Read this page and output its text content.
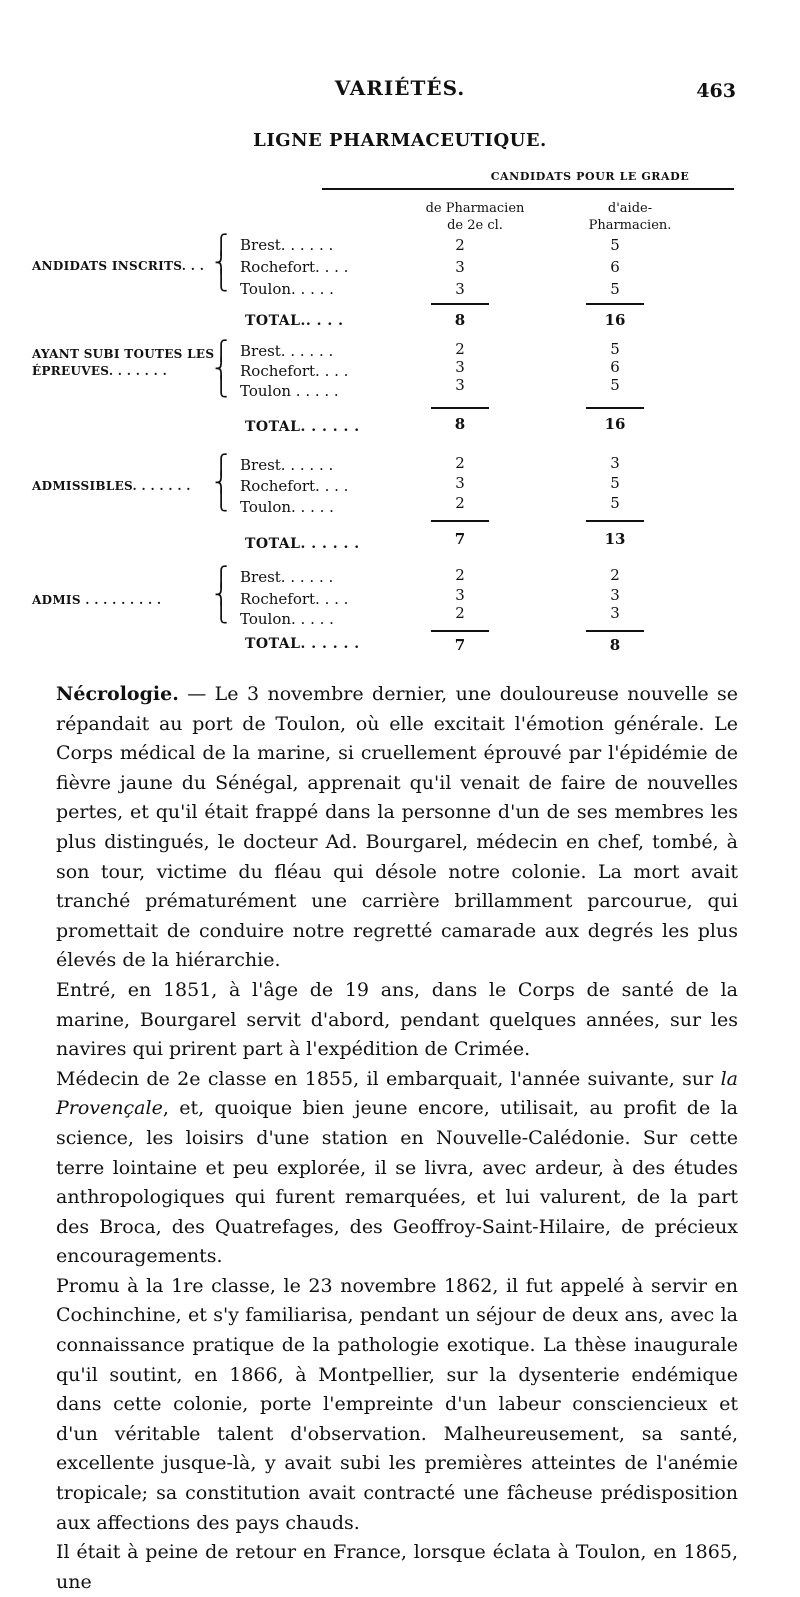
VARIÉTÉS.	463
LIGNE PHARMACEUTIQUE.
CANDIDATS POUR LE GRADE
de Pharmacien
de 2e cl.
d'aide-
Pharmacien.
ANDIDATS INSCRITS. . .
⎧
⎨
⎩
Brest. . . . . .	2	5
Rochefort. . . .	3	6
Toulon. . . . .	3	5
TOTAL.. . . .	8	16
AYANT SUBI TOUTES LES
ÉPREUVES. . . . . . .
⎧
⎨
⎩
Brest. . . . . .	2	5
Rochefort. . . .	3	6
Toulon . . . . .	3	5
TOTAL. . . . . .	8	16
ADMISSIBLES. . . . . . .
⎧
⎨
⎩
Brest. . . . . .	2	3
Rochefort. . . .	3	5
Toulon. . . . .	2	5
TOTAL. . . . . .	7	13
ADMIS . . . . . . . . .
⎧
⎨
⎩
Brest. . . . . .	2	2
Rochefort. . . .	3	3
Toulon. . . . .	2	3
TOTAL. . . . . .	7	8

Nécrologie. — Le 3 novembre dernier, une douloureuse nouvelle se répandait au port de Toulon, où elle excitait l'émotion générale. Le Corps médical de la marine, si cruellement éprouvé par l'épidémie de fièvre jaune du Sénégal, apprenait qu'il venait de faire de nouvelles pertes, et qu'il était frappé dans la personne d'un de ses membres les plus distingués, le docteur Ad. Bourgarel, médecin en chef, tombé, à son tour, victime du fléau qui désole notre colonie. La mort avait tranché prématurément une carrière brillamment parcourue, qui promettait de conduire notre regretté camarade aux degrés les plus élevés de la hiérarchie.

Entré, en 1851, à l'âge de 19 ans, dans le Corps de santé de la marine, Bourgarel servit d'abord, pendant quelques années, sur les navires qui prirent part à l'expédition de Crimée.

Médecin de 2e classe en 1855, il embarquait, l'année suivante, sur la Provençale, et, quoique bien jeune encore, utilisait, au profit de la science, les loisirs d'une station en Nouvelle-Calédonie. Sur cette terre lointaine et peu explorée, il se livra, avec ardeur, à des études anthropologiques qui furent remarquées, et lui valurent, de la part des Broca, des Quatrefages, des Geoffroy-Saint-Hilaire, de précieux encouragements.

Promu à la 1re classe, le 23 novembre 1862, il fut appelé à servir en Cochinchine, et s'y familiarisa, pendant un séjour de deux ans, avec la connaissance pratique de la pathologie exotique. La thèse inaugurale qu'il soutint, en 1866, à Montpellier, sur la dysenterie endémique dans cette colonie, porte l'empreinte d'un labeur consciencieux et d'un véritable talent d'observation. Malheureusement, sa santé, excellente jusque-là, y avait subi les premières atteintes de l'anémie tropicale; sa constitution avait contracté une fâcheuse prédisposition aux affections des pays chauds.

Il était à peine de retour en France, lorsque éclata à Toulon, en 1865, une
